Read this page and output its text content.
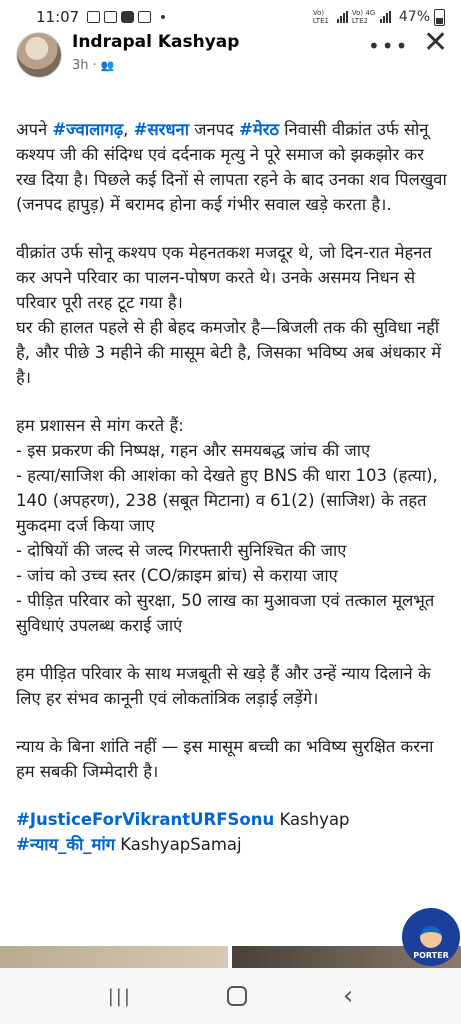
11:07	Vo) LTE1
Vo) 4G LTE2	47%
Indrapal Kashyap
3h · 👥
••• ✕

अपने #ज्वालागढ़, #सरधना जनपद #मेरठ निवासी वीक्रांत उर्फ सोनू कश्यप जी की संदिग्ध एवं दर्दनाक मृत्यु ने पूरे समाज को झकझोर कर रख दिया है। पिछले कई दिनों से लापता रहने के बाद उनका शव पिलखुवा (जनपद हापुड़) में बरामद होना कई गंभीर सवाल खड़े करता है।.

वीक्रांत उर्फ सोनू कश्यप एक मेहनतकश मजदूर थे, जो दिन-रात मेहनत कर अपने परिवार का पालन-पोषण करते थे। उनके असमय निधन से परिवार पूरी तरह टूट गया है।
घर की हालत पहले से ही बेहद कमजोर है—बिजली तक की सुविधा नहीं है, और पीछे 3 महीने की मासूम बेटी है, जिसका भविष्य अब अंधकार में है।
हम प्रशासन से मांग करते हैं:
- इस प्रकरण की निष्पक्ष, गहन और समयबद्ध जांच की जाए
- हत्या/साजिश की आशंका को देखते हुए BNS की धारा 103 (हत्या), 140 (अपहरण), 238 (सबूत मिटाना) व 61(2) (साजिश) के तहत मुकदमा दर्ज किया जाए
- दोषियों की जल्द से जल्द गिरफ्तारी सुनिश्चित की जाए
- जांच को उच्च स्तर (CO/क्राइम ब्रांच) से कराया जाए
- पीड़ित परिवार को सुरक्षा, 50 लाख का मुआवजा एवं तत्काल मूलभूत सुविधाएं उपलब्ध कराई जाएं
हम पीड़ित परिवार के साथ मजबूती से खड़े हैं और उन्हें न्याय दिलाने के लिए हर संभव कानूनी एवं लोकतांत्रिक लड़ाई लड़ेंगे।
न्याय के बिना शांति नहीं — इस मासूम बच्ची का भविष्य सुरक्षित करना हम सबकी जिम्मेदारी है।
#JusticeForVikrantURFSonu Kashyap
#न्याय_की_मांग KashyapSamaj
PORTER
|||	‹
